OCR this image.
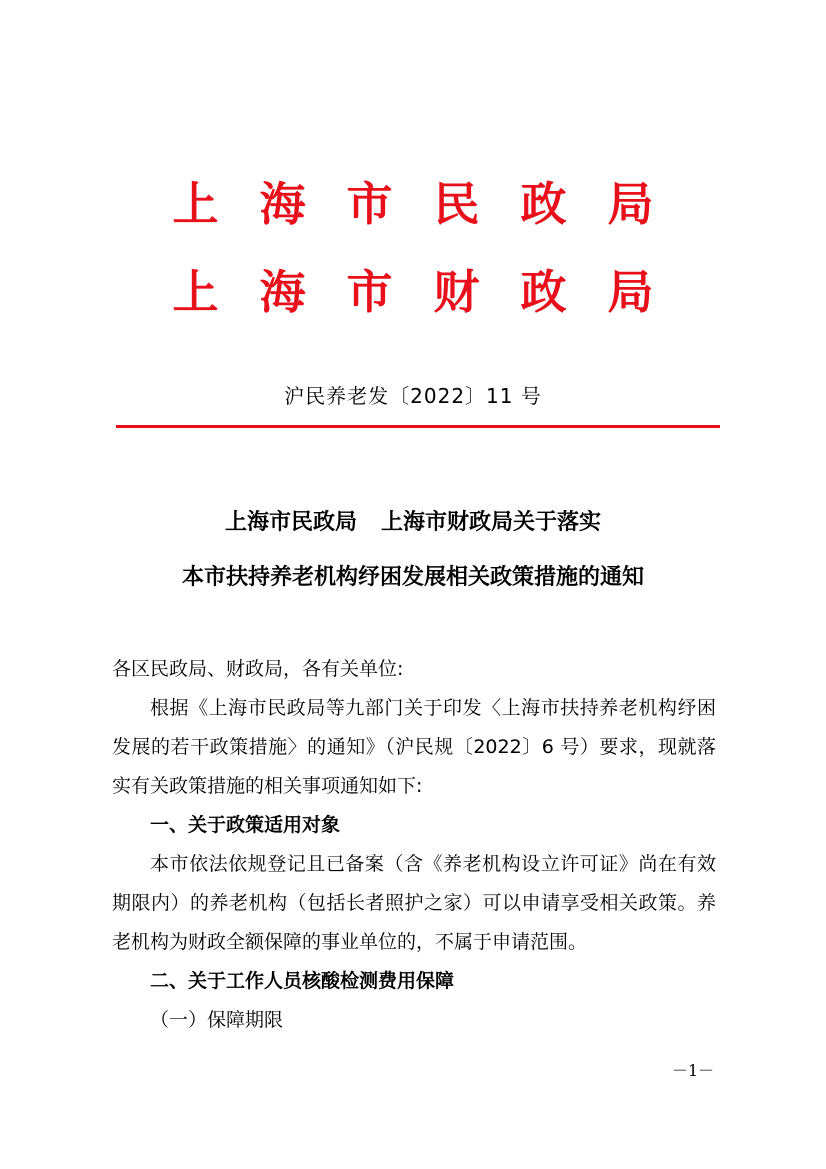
上海市民政局
上海市财政局
沪民养老发〔2022〕11 号
上海市民政局 上海市财政局关于落实
本市扶持养老机构纾困发展相关政策措施的通知

各区民政局、财政局，各有关单位:

根据《上海市民政局等九部门关于印发〈上海市扶持养老机构纾困发展的若干政策措施〉的通知》（沪民规〔2022〕6 号）要求，现就落实有关政策措施的相关事项通知如下:

一、关于政策适用对象

本市依法依规登记且已备案（含《养老机构设立许可证》尚在有效期限内）的养老机构（包括长者照护之家）可以申请享受相关政策。养老机构为财政全额保障的事业单位的，不属于申请范围。

二、关于工作人员核酸检测费用保障

（一）保障期限

－1－
